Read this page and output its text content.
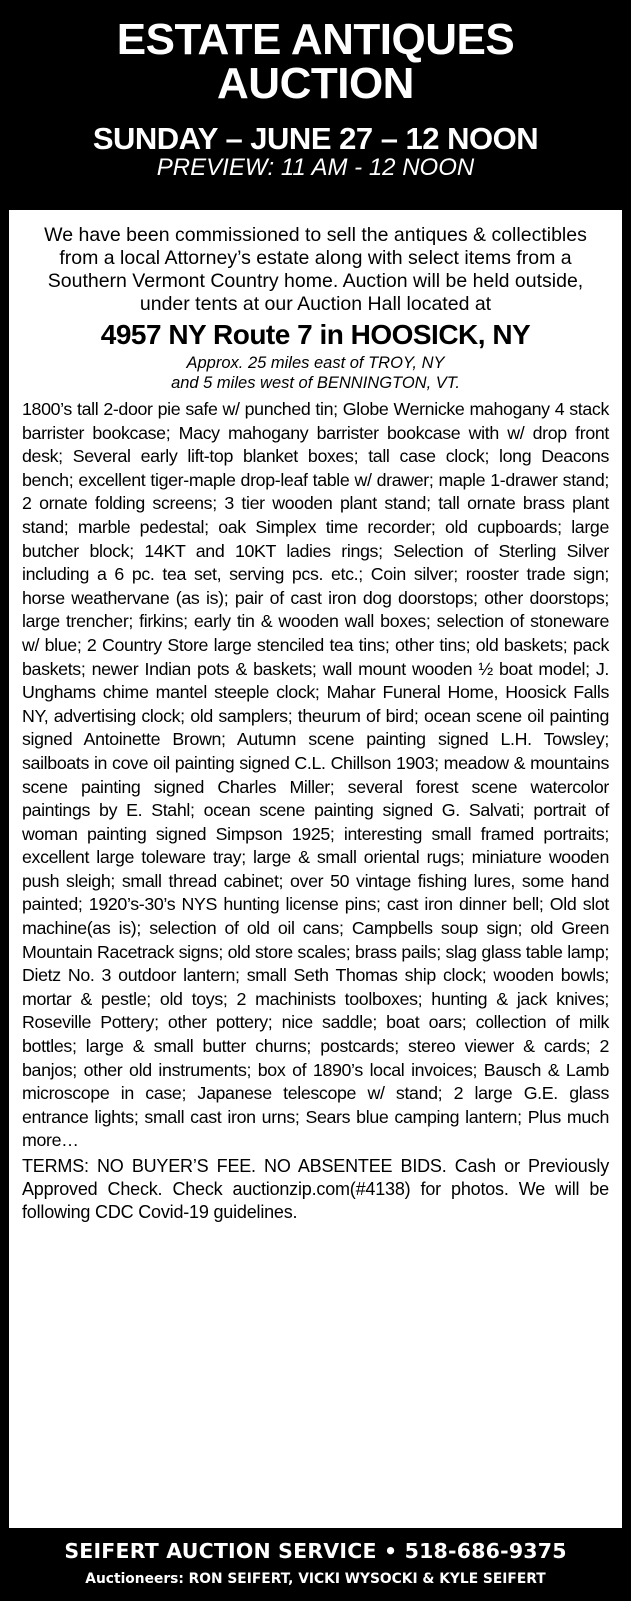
ESTATE ANTIQUES
AUCTION
SUNDAY – JUNE 27 – 12 NOON
PREVIEW: 11 AM - 12 NOON
We have been commissioned to sell the antiques & collectibles from a local Attorney’s estate along with select items from a Southern Vermont Country home. Auction will be held outside, under tents at our Auction Hall located at
4957 NY Route 7 in HOOSICK, NY
Approx. 25 miles east of TROY, NY
and 5 miles west of BENNINGTON, VT.
1800’s tall 2-door pie safe w/ punched tin; Globe Wernicke mahogany 4 stack barrister bookcase; Macy mahogany barrister bookcase with w/ drop front desk; Several early lift-top blanket boxes; tall case clock; long Deacons bench; excellent tiger-maple drop-leaf table w/ drawer; maple 1-drawer stand; 2 ornate folding screens; 3 tier wooden plant stand; tall ornate brass plant stand; marble pedestal; oak Simplex time recorder; old cupboards; large butcher block; 14KT and 10KT ladies rings; Selection of Sterling Silver including a 6 pc. tea set, serving pcs. etc.; Coin silver; rooster trade sign; horse weathervane (as is); pair of cast iron dog doorstops; other doorstops; large trencher; firkins; early tin & wooden wall boxes; selection of stoneware w/ blue; 2 Country Store large stenciled tea tins; other tins; old baskets; pack baskets; newer Indian pots & baskets; wall mount wooden ½ boat model; J. Unghams chime mantel steeple clock; Mahar Funeral Home, Hoosick Falls NY, advertising clock; old samplers; theurum of bird; ocean scene oil painting signed Antoinette Brown; Autumn scene painting signed L.H. Towsley; sailboats in cove oil painting signed C.L. Chillson 1903; meadow & mountains scene painting signed Charles Miller; several forest scene watercolor paintings by E. Stahl; ocean scene painting signed G. Salvati; portrait of woman painting signed Simpson 1925; interesting small framed portraits; excellent large toleware tray; large & small oriental rugs; miniature wooden push sleigh; small thread cabinet; over 50 vintage fishing lures, some hand painted; 1920’s-30’s NYS hunting license pins; cast iron dinner bell; Old slot machine(as is); selection of old oil cans; Campbells soup sign; old Green Mountain Racetrack signs; old store scales; brass pails; slag glass table lamp; Dietz No. 3 outdoor lantern; small Seth Thomas ship clock; wooden bowls; mortar & pestle; old toys; 2 machinists toolboxes; hunting & jack knives; Roseville Pottery; other pottery; nice saddle; boat oars; collection of milk bottles; large & small butter churns; postcards; stereo viewer & cards; 2 banjos; other old instruments; box of 1890’s local invoices; Bausch & Lamb microscope in case; Japanese telescope w/ stand; 2 large G.E. glass entrance lights; small cast iron urns; Sears blue camping lantern; Plus much more…
TERMS: NO BUYER’S FEE. NO ABSENTEE BIDS. Cash or Previously Approved Check. Check auctionzip.com(#4138) for photos. We will be following CDC Covid-19 guidelines.
SEIFERT AUCTION SERVICE • 518-686-9375
Auctioneers: RON SEIFERT, VICKI WYSOCKI & KYLE SEIFERT
